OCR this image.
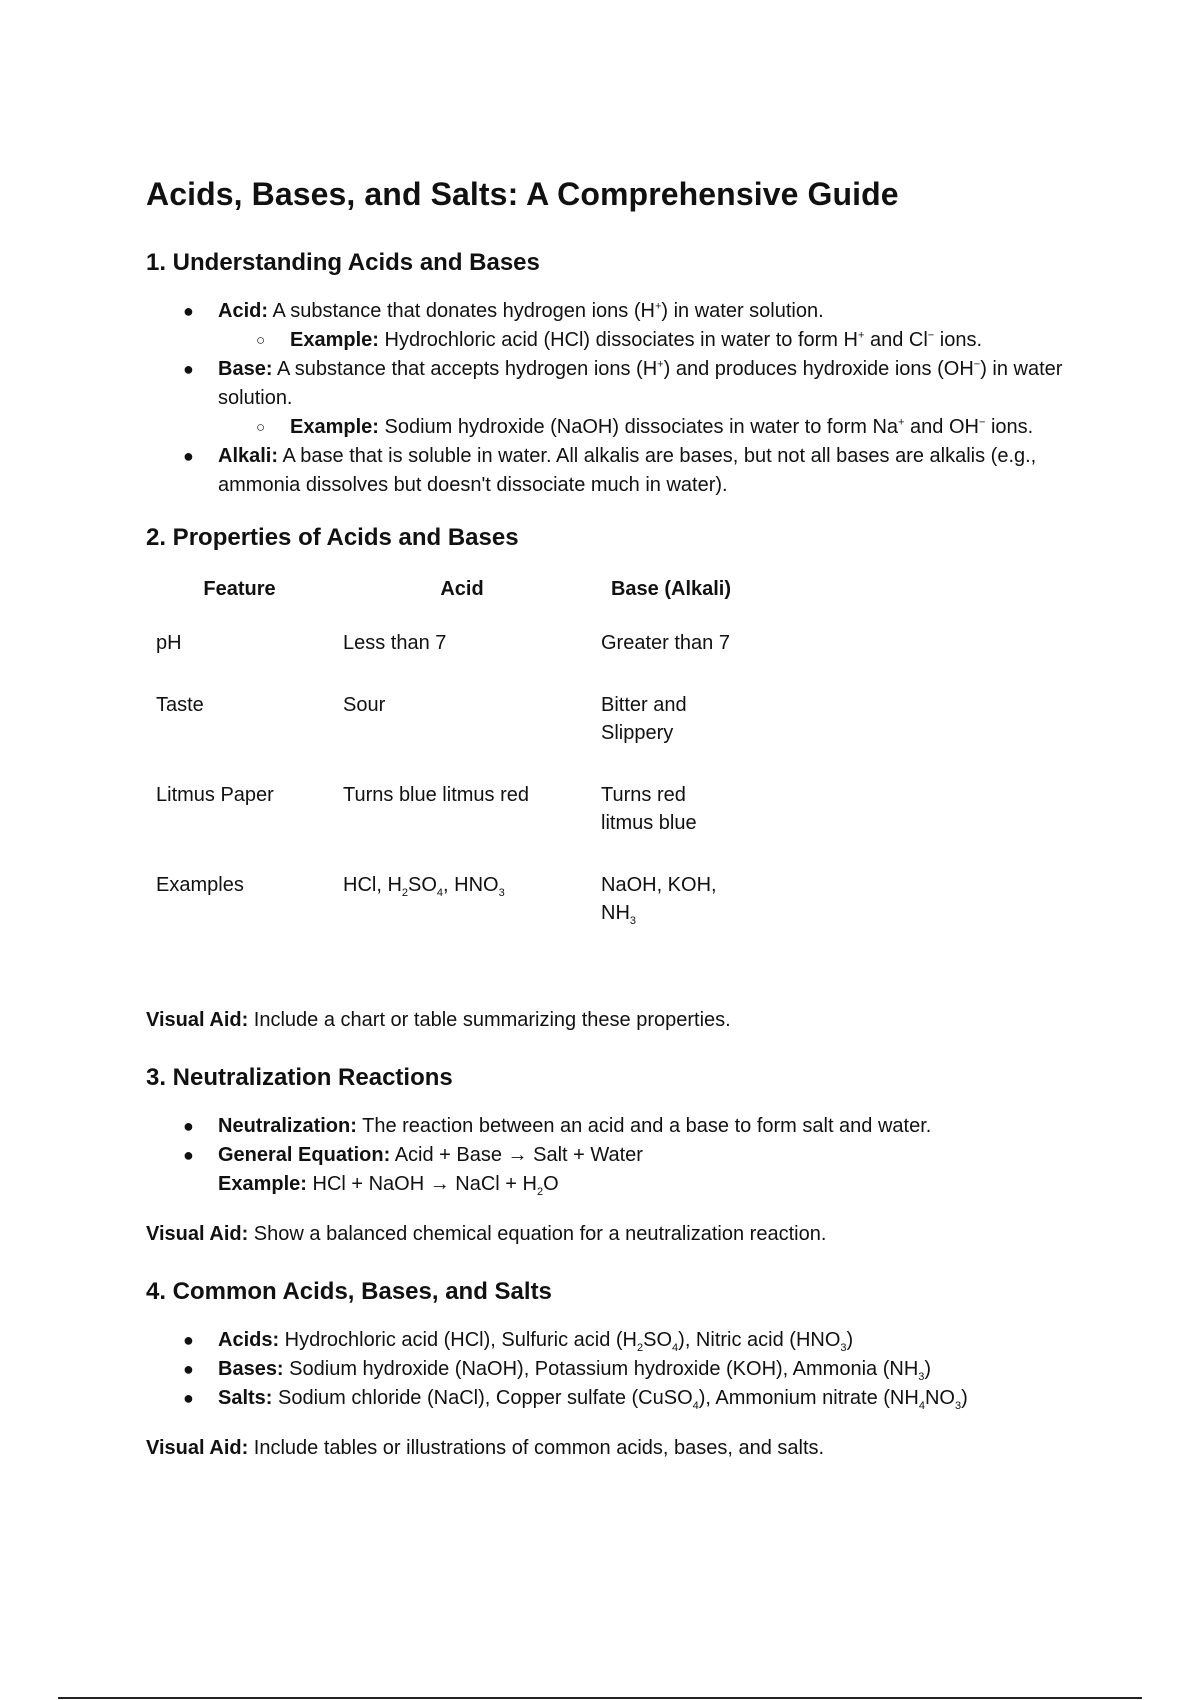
Acids, Bases, and Salts: A Comprehensive Guide
1. Understanding Acids and Bases
● Acid: A substance that donates hydrogen ions (H+) in water solution.
○ Example: Hydrochloric acid (HCl) dissociates in water to form H+ and Cl− ions.
● Base: A substance that accepts hydrogen ions (H+) and produces hydroxide ions (OH−) in water solution.
○ Example: Sodium hydroxide (NaOH) dissociates in water to form Na+ and OH− ions.
● Alkali: A base that is soluble in water. All alkalis are bases, but not all bases are alkalis (e.g., ammonia dissolves but doesn't dissociate much in water).
2. Properties of Acids and Bases
Feature	Acid	Base (Alkali)
pH	Less than 7	Greater than 7
Taste	Sour	Bitter and Slippery
Litmus Paper	Turns blue litmus red	Turns red litmus blue
Examples	HCl, $H_2SO_4$, $HNO_3$	NaOH, KOH, $NH_3$

Visual Aid: Include a chart or table summarizing these properties.

3. Neutralization Reactions
● Neutralization: The reaction between an acid and a base to form salt and water.
● General Equation: Acid + Base → Salt + Water
Example: HCl + NaOH → NaCl + $H_2O$

Visual Aid: Show a balanced chemical equation for a neutralization reaction.

4. Common Acids, Bases, and Salts
● Acids: Hydrochloric acid (HCl), Sulfuric acid $(H_2SO_4)$, Nitric acid $(HNO_3)$
● Bases: Sodium hydroxide (NaOH), Potassium hydroxide (KOH), Ammonia $(NH_3)$
● Salts: Sodium chloride (NaCl), Copper sulfate (CuSO$_4$), Ammonium nitrate $(NH_4NO_3)$

Visual Aid: Include tables or illustrations of common acids, bases, and salts.
